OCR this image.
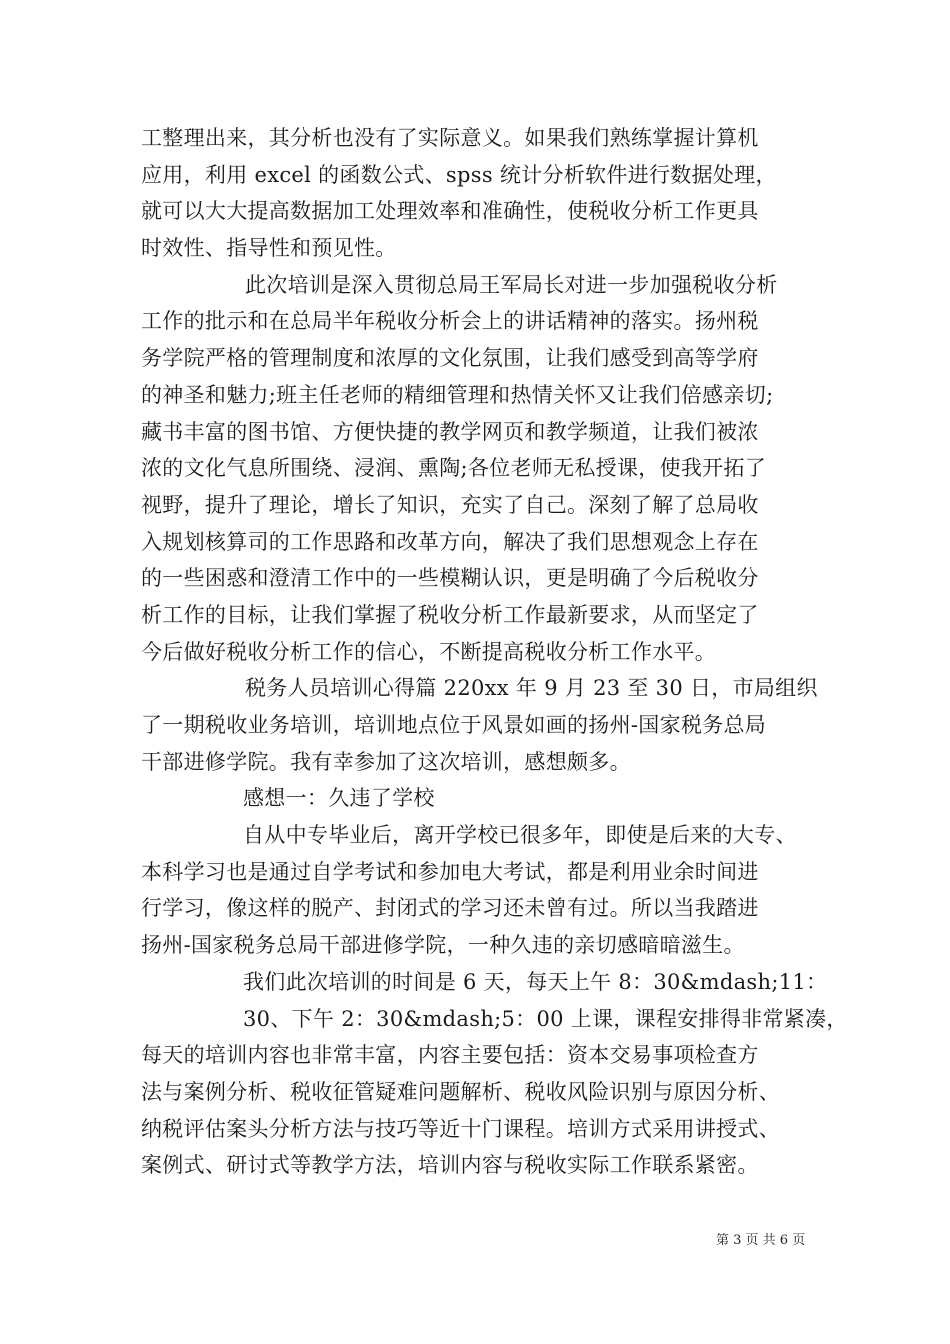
工整理出来，其分析也没有了实际意义。如果我们熟练掌握计算机
应用，利用 excel 的函数公式、spss 统计分析软件进行数据处理，
就可以大大提高数据加工处理效率和准确性，使税收分析工作更具
时效性、指导性和预见性。
此次培训是深入贯彻总局王军局长对进一步加强税收分析
工作的批示和在总局半年税收分析会上的讲话精神的落实。扬州税
务学院严格的管理制度和浓厚的文化氛围，让我们感受到高等学府
的神圣和魅力;班主任老师的精细管理和热情关怀又让我们倍感亲切;
藏书丰富的图书馆、方便快捷的教学网页和教学频道，让我们被浓
浓的文化气息所围绕、浸润、熏陶;各位老师无私授课，使我开拓了
视野，提升了理论，增长了知识，充实了自己。深刻了解了总局收
入规划核算司的工作思路和改革方向，解决了我们思想观念上存在
的一些困惑和澄清工作中的一些模糊认识，更是明确了今后税收分
析工作的目标，让我们掌握了税收分析工作最新要求，从而坚定了
今后做好税收分析工作的信心，不断提高税收分析工作水平。
税务人员培训心得篇 220xx 年 9 月 23 至 30 日，市局组织
了一期税收业务培训，培训地点位于风景如画的扬州-国家税务总局
干部进修学院。我有幸参加了这次培训，感想颇多。
感想一：久违了学校
自从中专毕业后，离开学校已很多年，即使是后来的大专、
本科学习也是通过自学考试和参加电大考试，都是利用业余时间进
行学习，像这样的脱产、封闭式的学习还未曾有过。所以当我踏进
扬州-国家税务总局干部进修学院，一种久违的亲切感暗暗滋生。
我们此次培训的时间是 6 天，每天上午 8：30&mdash;11：
30、下午 2：30&mdash;5：00 上课，课程安排得非常紧凑，
每天的培训内容也非常丰富，内容主要包括：资本交易事项检查方
法与案例分析、税收征管疑难问题解析、税收风险识别与原因分析、
纳税评估案头分析方法与技巧等近十门课程。培训方式采用讲授式、
案例式、研讨式等教学方法，培训内容与税收实际工作联系紧密。
第 3 页 共 6 页
